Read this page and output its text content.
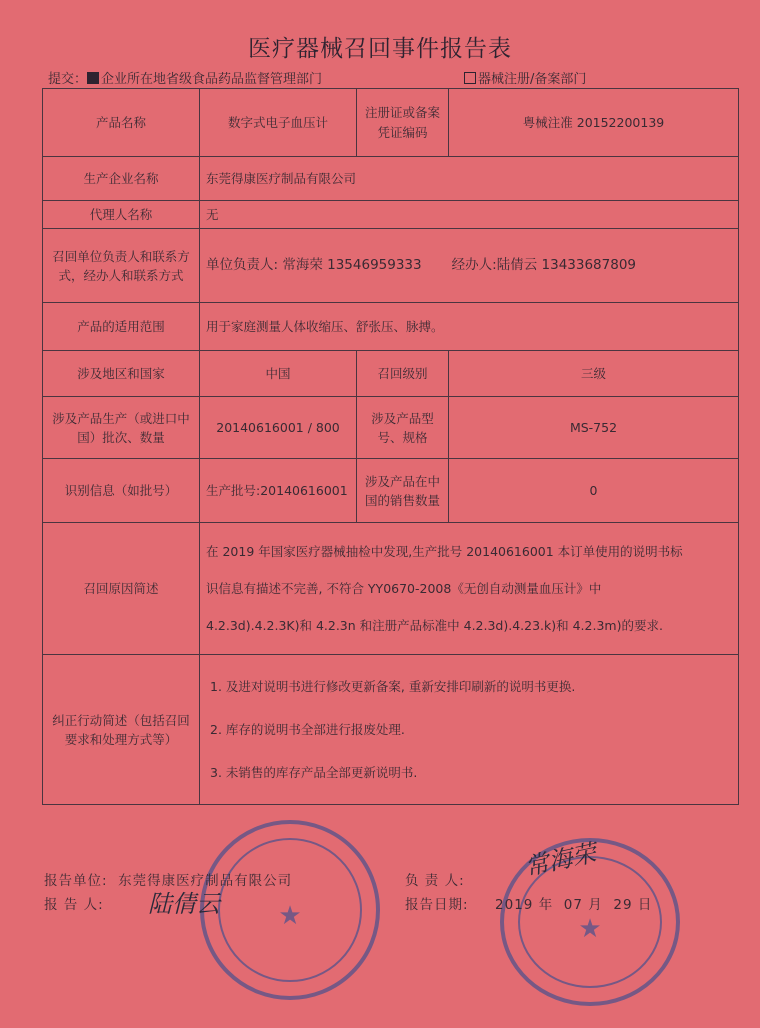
医疗器械召回事件报告表
提交： 企业所在地省级食品药品监督管理部门	器械注册/备案部门
产品名称	数字式电子血压计	注册证或备案凭证编码	粤械注准 20152200139
生产企业名称	东莞得康医疗制品有限公司		
代理人名称	无		
召回单位负责人和联系方式，经办人和联系方式	单位负责人: 常海荣 13546959333 经办人:陆倩云 13433687809		
产品的适用范围	用于家庭测量人体收缩压、舒张压、脉搏。		
涉及地区和国家	中国	召回级别	三级
涉及产品生产（或进口中国）批次、数量	20140616001 / 800	涉及产品型号、规格	MS-752
识别信息（如批号）	生产批号:20140616001	涉及产品在中国的销售数量	0
召回原因简述	在 2019 年国家医疗器械抽检中发现,生产批号 20140616001 本订单使用的说明书标

识信息有描述不完善, 不符合 YY0670-2008《无创自动测量血压计》中

4.2.3d).4.2.3K)和 4.2.3n 和注册产品标准中 4.2.3d).4.23.k)和 4.2.3m)的要求.		

纠正行动简述（包括召回要求和处理方式等）	1. 及进对说明书进行修改更新备案, 重新安排印刷新的说明书更换.

2. 库存的说明书全部进行报废处理.

3. 未销售的库存产品全部更新说明书.		

★	★
报告单位: 东莞得康医疗制品有限公司
报 告 人: 陆倩云
负 责 人: 常海荣
报告日期: 2019 年 07 月 29 日
